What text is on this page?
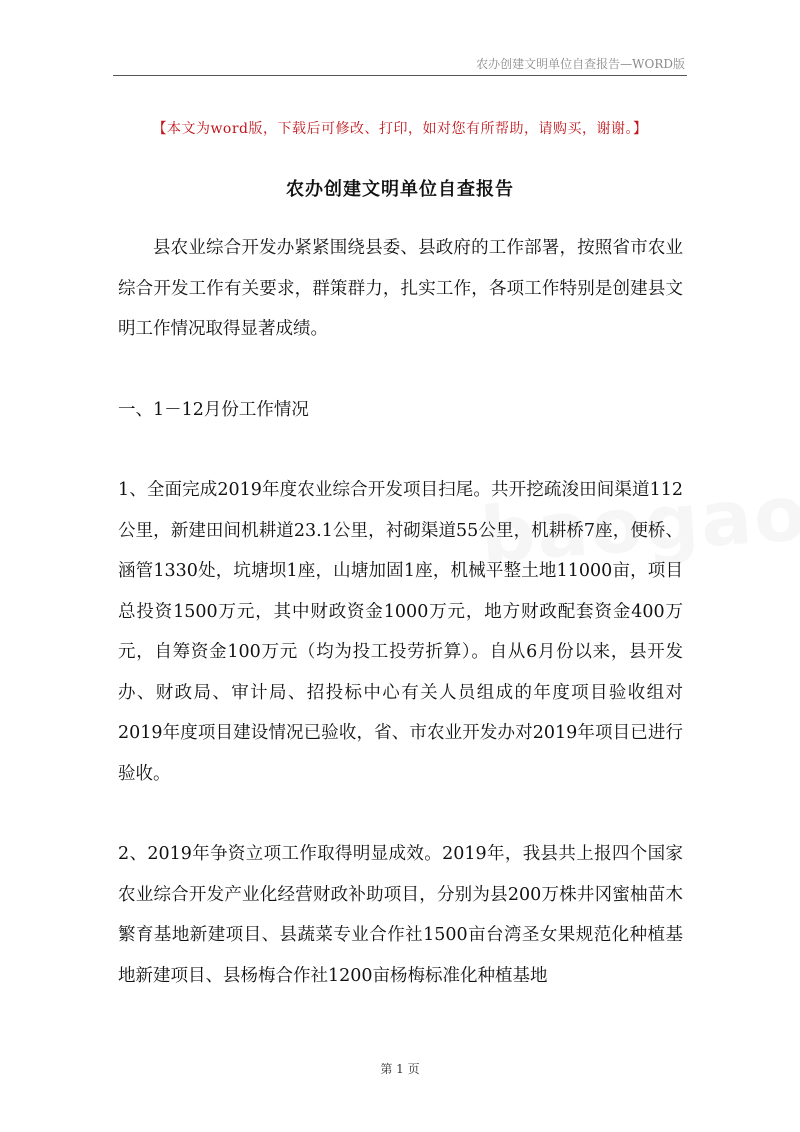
农办创建文明单位自查报告—WORD版
【本文为word版，下载后可修改、打印，如对您有所帮助，请购买，谢谢。】
农办创建文明单位自查报告

县农业综合开发办紧紧围绕县委、县政府的工作部署，按照省市农业综合开发工作有关要求，群策群力，扎实工作，各项工作特别是创建县文明工作情况取得显著成绩。

一、1－12月份工作情况

1、全面完成2019年度农业综合开发项目扫尾。共开挖疏浚田间渠道112公里，新建田间机耕道23.1公里，衬砌渠道55公里，机耕桥7座，便桥、涵管1330处，坑塘坝1座，山塘加固1座，机械平整土地11000亩，项目总投资1500万元，其中财政资金1000万元，地方财政配套资金400万元，自筹资金100万元（均为投工投劳折算）。自从6月份以来，县开发办、财政局、审计局、招投标中心有关人员组成的年度项目验收组对2019年度项目建设情况已验收，省、市农业开发办对2019年项目已进行验收。

2、2019年争资立项工作取得明显成效。2019年，我县共上报四个国家农业综合开发产业化经营财政补助项目，分别为县200万株井冈蜜柚苗木繁育基地新建项目、县蔬菜专业合作社1500亩台湾圣女果规范化种植基地新建项目、县杨梅合作社1200亩杨梅标准化种植基地

第 1 页
